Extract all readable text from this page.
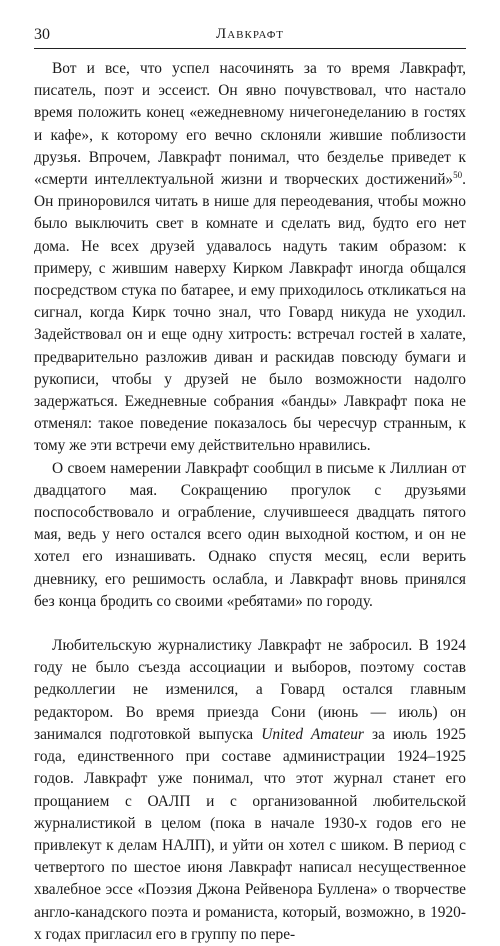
30	Лавкрафт

Вот и все, что успел насочинять за то время Лавкрафт, писатель, поэт и эссеист. Он явно почувствовал, что настало время положить конец «ежедневному ничегонеделанию в гостях и кафе», к которому его вечно склоняли жившие поблизости друзья. Впрочем, Лавкрафт понимал, что безделье приведет к «смерти интеллектуальной жизни и творческих достижений»$^{50}$. Он приноровился читать в нише для переодевания, чтобы можно было выключить свет в комнате и сделать вид, будто его нет дома. Не всех друзей удавалось надуть таким образом: к примеру, с жившим наверху Кирком Лавкрафт иногда общался посредством стука по батарее, и ему приходилось откликаться на сигнал, когда Кирк точно знал, что Говард никуда не уходил. Задействовал он и еще одну хитрость: встречал гостей в халате, предварительно разложив диван и раскидав повсюду бумаги и рукописи, чтобы у друзей не было возможности надолго задержаться. Ежедневные собрания «банды» Лавкрафт пока не отменял: такое поведение показалось бы чересчур странным, к тому же эти встречи ему действительно нравились.

О своем намерении Лавкрафт сообщил в письме к Лиллиан от двадцатого мая. Сокращению прогулок с друзьями поспособствовало и ограбление, случившееся двадцать пятого мая, ведь у него остался всего один выходной костюм, и он не хотел его изнашивать. Однако спустя месяц, если верить дневнику, его решимость ослабла, и Лавкрафт вновь принялся без конца бродить со своими «ребятами» по городу.

Любительскую журналистику Лавкрафт не забросил. В 1924 году не было съезда ассоциации и выборов, поэтому состав редколлегии не изменился, а Говард остался главным редактором. Во время приезда Сони (июнь — июль) он занимался подготовкой выпуска United Amateur за июль 1925 года, единственного при составе администрации 1924–1925 годов. Лавкрафт уже понимал, что этот журнал станет его прощанием с ОАЛП и с организованной любительской журналистикой в целом (пока в начале 1930-х годов его не привлекут к делам НАЛП), и уйти он хотел с шиком. В период с четвертого по шестое июня Лавкрафт написал несущественное хвалебное эссе «Поэзия Джона Рейвенора Буллена» о творчестве англо-канадского поэта и романиста, который, возможно, в 1920-х годах пригласил его в группу по пере-
